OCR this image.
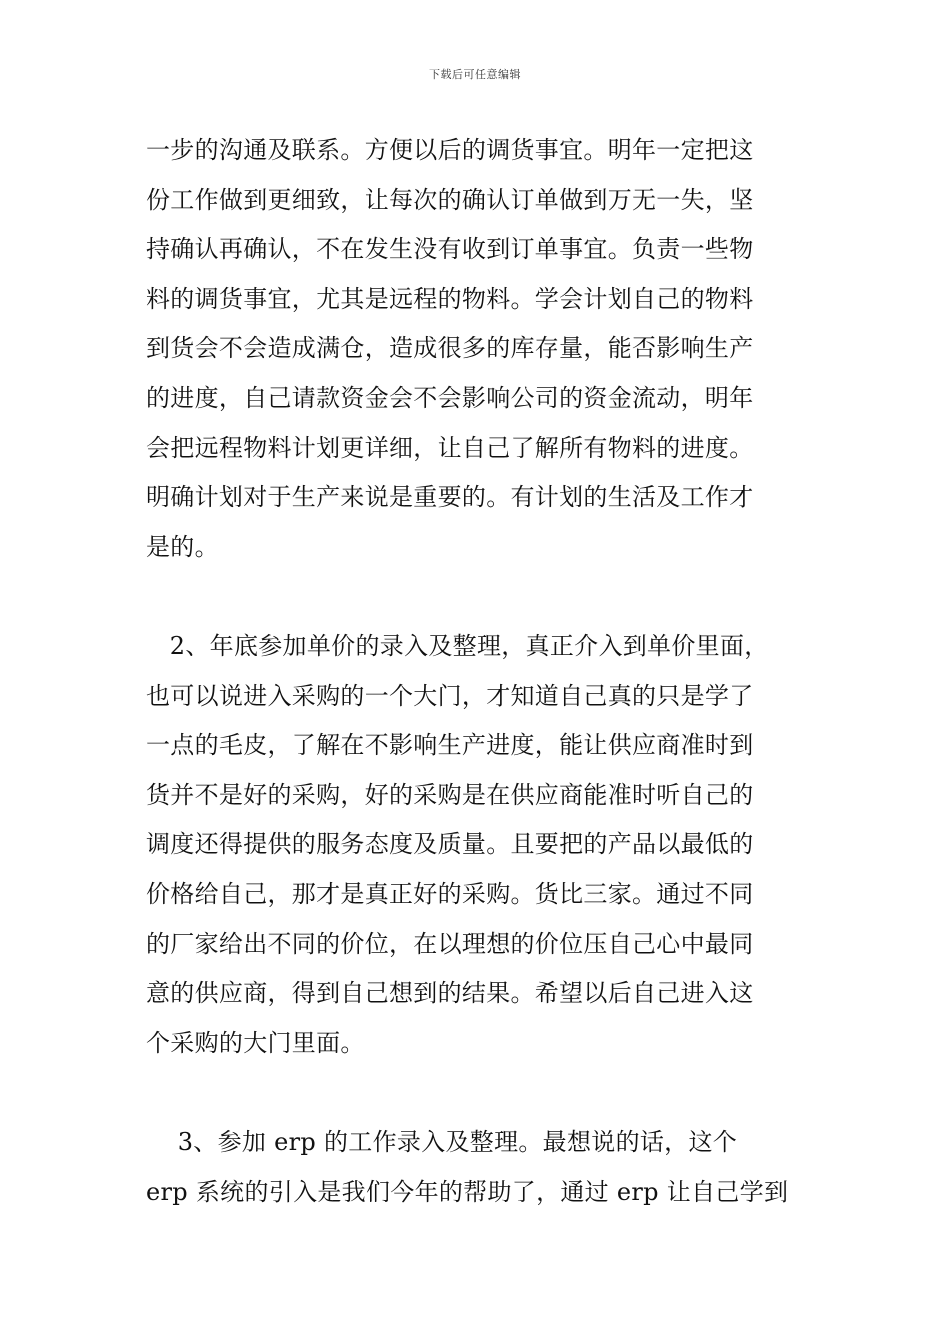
下载后可任意编辑
一步的沟通及联系。方便以后的调货事宜。明年一定把这
份工作做到更细致，让每次的确认订单做到万无一失，坚
持确认再确认，不在发生没有收到订单事宜。负责一些物
料的调货事宜，尤其是远程的物料。学会计划自己的物料
到货会不会造成满仓，造成很多的库存量，能否影响生产
的进度，自己请款资金会不会影响公司的资金流动，明年
会把远程物料计划更详细，让自己了解所有物料的进度。
明确计划对于生产来说是重要的。有计划的生活及工作才
是的。
2、年底参加单价的录入及整理，真正介入到单价里面，
也可以说进入采购的一个大门，才知道自己真的只是学了
一点的毛皮，了解在不影响生产进度，能让供应商准时到
货并不是好的采购，好的采购是在供应商能准时听自己的
调度还得提供的服务态度及质量。且要把的产品以最低的
价格给自己，那才是真正好的采购。货比三家。通过不同
的厂家给出不同的价位，在以理想的价位压自己心中最同
意的供应商，得到自己想到的结果。希望以后自己进入这
个采购的大门里面。
3、参加 erp 的工作录入及整理。最想说的话，这个
erp 系统的引入是我们今年的帮助了，通过 erp 让自己学到
